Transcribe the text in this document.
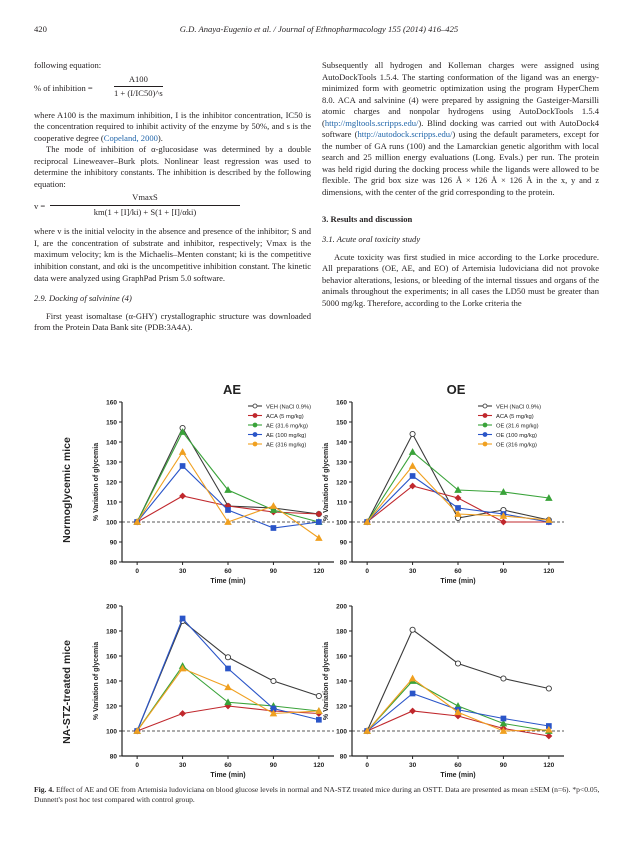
420	G.D. Anaya-Eugenio et al. / Journal of Ethnopharmacology 155 (2014) 416–425

following equation:

% of inhibition = $\frac{A100}{1 + (I/IC50)\^{}s}$

where A100 is the maximum inhibition, I is the inhibitor concentration, IC50 is the concentration required to inhibit activity of the enzyme by 50%, and s is the cooperative degree (Copeland, 2000).

The mode of inhibition of α-glucosidase was determined by a double reciprocal Lineweaver–Burk plots. Nonlinear least regression was used to determine the inhibitory constants. The inhibition is described by the following equation:

v =
VmaxS
km(1 + [I]/ki) + S(1 + [I]/αki)

where v is the initial velocity in the absence and presence of the inhibitor; S and I, are the concentration of substrate and inhibitor, respectively; Vmax is the maximum velocity; km is the Michaelis–Menten constant; ki is the competitive inhibition constant, and αki is the uncompetitive inhibition constant. The kinetic data were analyzed using GraphPad Prism 5.0 software.

2.9. Docking of salvinine (4)

First yeast isomaltase (α-GHY) crystallographic structure was downloaded from the Protein Data Bank site (PDB:3A4A).

Subsequently all hydrogen and Kolleman charges were assigned using AutoDockTools 1.5.4. The starting conformation of the ligand was an energy-minimized form with geometric optimization using the program HyperChem 8.0. ACA and salvinine (4) were prepared by assigning the Gasteiger-Marsilli atomic charges and nonpolar hydrogens using AutoDockTools 1.5.4 (http://mgltools.scripps.edu/). Blind docking was carried out with AutoDock4 software (http://autodock.scripps.edu/) using the default parameters, except for the number of GA runs (100) and the Lamarckian genetic algorithm with local search and 25 million energy evaluations (Long. Evals.) per run. The protein was held rigid during the docking process while the ligands were allowed to be flexible. The grid box size was 126 Å × 126 Å × 126 Å in the x, y and z dimensions, with the center of the grid corresponding to the protein.

3. Results and discussion

3.1. Acute oral toxicity study

Acute toxicity was first studied in mice according to the Lorke procedure. All preparations (OE, AE, and EO) of Artemisia ludoviciana did not provoke behavior alterations, lesions, or bleeding of the internal tissues and organs of the animals throughout the experiments; in all cases the LD50 must be greater than 5000 mg/kg. Therefore, according to the Lorke criteria the

Normoglycemic mice
NA-STZ-treated mice
AE	OE
80
90
100
110
120
130
140
150
160
0	30	60	90	120
Time (min)
% Variation of glycemia
VEH (NaCl 0.9%)
ACA (5 mg/kg)
AE (31.6 mg/kg)
AE (100 mg/kg)
AE (316 mg/kg)
80
90
100
110
120
130
140
150
160
0	30	60	90	120
Time (min)
% Variation of glycemia
VEH (NaCl 0.9%)
ACA (5 mg/kg)
OE (31.6 mg/kg)
OE (100 mg/kg)
OE (316 mg/kg)
80
100
120
140
160
180
200
0	30	60	90	120
Time (min)
% Variation of glycemia
80
100
120
140
160
180
200
0	30	60	90	120
Time (min)
% Variation of glycemia
Fig. 4. Effect of AE and OE from Artemisia ludoviciana on blood glucose levels in normal and NA-STZ treated mice during an OSTT. Data are presented as mean ±SEM (n=6). *p<0.05, Dunnett's post hoc test compared with control group.
